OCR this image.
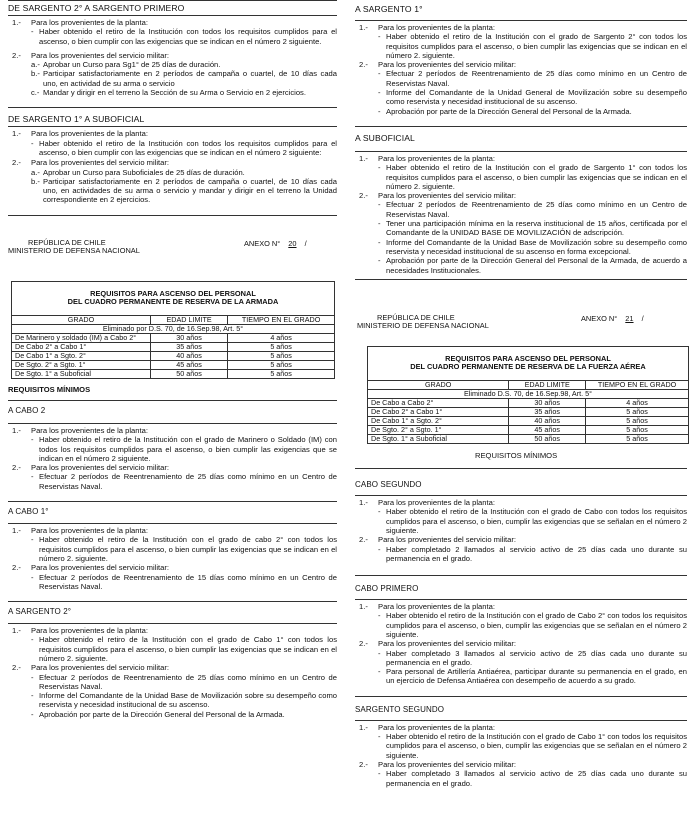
DE SARGENTO 2° A SARGENTO PRIMERO
1.-	Para los provenientes de la planta:
- Haber obtenido el retiro de la Institución con todos los requisitos cumplidos para el ascenso, o bien cumplir con las exigencias que se indican en el número 2 siguiente.
2.-	Para los provenientes del servicio militar:
a.- Aprobar un Curso para Sg1° de 25 días de duración.
b.- Participar satisfactoriamente en 2 períodos de campaña o cuartel, de 10 días cada uno, en actividad de su arma o servicio
c.- Mandar y dirigir en el terreno la Sección de su Arma o Servicio en 2 ejercicios.
DE SARGENTO 1° A SUBOFICIAL
1.-	Para los provenientes de la planta:
- Haber obtenido el retiro de la Institución con todos los requisitos cumplidos para el ascenso, o bien cumplir con las exigencias que se indican en el número 2 siguiente:
2.-	Para los provenientes del servicio militar:
a.- Aprobar un Curso para Suboficiales de 25 días de duración.
b.- Participar satisfactoriamente en 2 períodos de campaña o cuartel, de 10 días cada uno, en actividades de su arma o servicio y mandar y dirigir en el terreno la Unidad correspondiente en 2 ejercicios.
REPÚBLICA DE CHILE
MINISTERIO DE DEFENSA NACIONAL
ANEXO N° 20 /
REQUISITOS PARA ASCENSO DEL PERSONAL
DEL CUADRO PERMANENTE DE RESERVA DE LA ARMADA
GRADO	EDAD LIMITE	TIEMPO EN EL GRADO
Eliminado por D.S. 70, de 16.Sep.98, Art. 5°		
De Marinero y soldado (IM) a Cabo 2°	30 años	4 años
De Cabo 2° a Cabo 1°	35 años	5 años
De Cabo 1° a Sgto. 2°	40 años	5 años
De Sgto. 2° a Sgto. 1°	45 años	5 años
De Sgto. 1° a Suboficial	50 años	5 años
REQUISITOS MÍNIMOS
A CABO 2
1.-	Para los provenientes de la planta:
- Haber obtenido el retiro de la Institución con el grado de Marinero o Soldado (IM) con todos los requisitos cumplidos para el ascenso, o bien cumplir las exigencias que se indican en el número 2 siguiente.
2.-	Para los provenientes del servicio militar:
- Efectuar 2 períodos de Reentrenamiento de 25 días como mínimo en un Centro de Reservistas Naval.
A CABO 1°
1.-	Para los provenientes de la planta:
- Haber obtenido el retiro de la Institución con el grado de cabo 2° con todos los requisitos cumplidos para el ascenso, o bien cumplir las exigencias que se indican en el número 2. siguiente.
2.-	Para los provenientes del servicio militar:
- Efectuar 2 períodos de Reentrenamiento de 15 días como mínimo en un Centro de Reservistas Naval.
A SARGENTO 2°
1.-	Para los provenientes de la planta:
- Haber obtenido el retiro de la Institución con el grado de Cabo 1° con todos los requisitos cumplidos para el ascenso, o bien cumplir las exigencias que se indican en el número 2. siguiente.
2.-	Para los provenientes del servicio militar:
- Efectuar 2 períodos de Reentrenamiento de 25 días como mínimo en un Centro de Reservistas Naval.
- Informe del Comandante de la Unidad Base de Movilización sobre su desempeño como reservista y necesidad institucional de su ascenso.
- Aprobación por parte de la Dirección General del Personal de la Armada.
A SARGENTO 1°
1.-	Para los provenientes de la planta:
- Haber obtenido el retiro de la Institución con el grado de Sargento 2° con todos los requisitos cumplidos para el ascenso, o bien cumplir las exigencias que se indican en el número 2. siguiente.
2.-	Para los provenientes del servicio militar:
- Efectuar 2 períodos de Reentrenamiento de 25 días como mínimo en un Centro de Reservistas Naval.
- Informe del Comandante de la Unidad General de Movilización sobre su desempeño como reservista y necesidad institucional de su ascenso.
- Aprobación por parte de la Dirección General del Personal de la Armada.
A SUBOFICIAL
1.-	Para los provenientes de la planta:
- Haber obtenido el retiro de la Institución con el grado de Sargento 1° con todos los requisitos cumplidos para el ascenso, o bien cumplir las exigencias que se indican en el número 2. siguiente.
2.-	Para los provenientes del servicio militar:
- Efectuar 2 períodos de Reentrenamiento de 25 días como mínimo en un Centro de Reservistas Naval.
- Tener una participación mínima en la reserva institucional de 15 años, certificada por el Comandante de la UNIDAD BASE DE MOVILIZACIÓN de adscripción.
- Informe del Comandante de la Unidad Base de Movilización sobre su desempeño como reservista y necesidad institucional de su ascenso en forma excepcional.
- Aprobación por parte de la Dirección General del Personal de la Armada, de acuerdo a necesidades Institucionales.
REPÚBLICA DE CHILE
MINISTERIO DE DEFENSA NACIONAL
ANEXO N° 21 /
REQUISITOS PARA ASCENSO DEL PERSONAL
DEL CUADRO PERMANENTE DE RESERVA DE LA FUERZA AÉREA
GRADO	EDAD LIMITE	TIEMPO EN EL GRADO
Eliminado D.S. 70, de 16.Sep.98, Art. 5°		
De Cabo a Cabo 2°	30 años	4 años
De Cabo 2° a Cabo 1°	35 años	5 años
De Cabo 1° a Sgto. 2°	40 años	5 años
De Sgto. 2° a Sgto. 1°	45 años	5 años
De Sgto. 1° a Suboficial	50 años	5 años
REQUISITOS MÍNIMOS
CABO SEGUNDO
1.-	Para los provenientes de la planta:
- Haber obtenido el retiro de la Institución con el grado de Cabo con todos los requisitos cumplidos para el ascenso, o bien, cumplir las exigencias que se señalan en el número 2 siguiente.
2.-	Para los provenientes del servicio militar:
- Haber completado 2 llamados al servicio activo de 25 días cada uno durante su permanencia en el grado.
CABO PRIMERO
1.-	Para los provenientes de la planta:
- Haber obtenido el retiro de la Institución con el grado de Cabo 2° con todos los requisitos cumplidos para el ascenso, o bien, cumplir las exigencias que se señalan en el número 2 siguiente.
2.-	Para los provenientes del servicio militar:
- Haber completado 3 llamados al servicio activo de 25 días cada uno durante su permanencia en el grado.
- Para personal de Artillería Antiaérea, participar durante su permanencia en el grado, en un ejercicio de Defensa Antiaérea con desempeño de acuerdo a su grado.
SARGENTO SEGUNDO
1.-	Para los provenientes de la planta:
- Haber obtenido el retiro de la Institución con el grado de Cabo 1° con todos los requisitos cumplidos para el ascenso, o bien, cumplir las exigencias que se señalan en el número 2 siguiente.
2.-	Para los provenientes del servicio militar:
- Haber completado 3 llamados al servicio activo de 25 días cada uno durante su permanencia en el grado.
